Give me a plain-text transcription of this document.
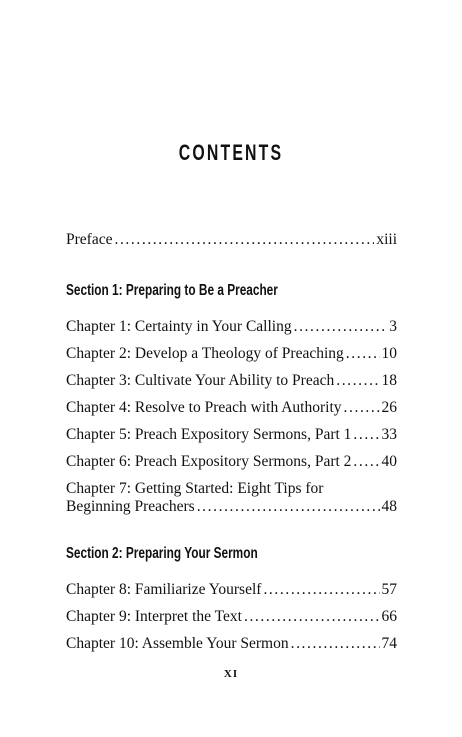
CONTENTS
Preface .....	xiii
Section 1: Preparing to Be a Preacher
Chapter 1: Certainty in Your Calling .....	3
Chapter 2: Develop a Theology of Preaching ..... 10
Chapter 3: Cultivate Your Ability to Preach .....	18
Chapter 4: Resolve to Preach with Authority .....	26
Chapter 5: Preach Expository Sermons, Part 1 ..... 33
Chapter 6: Preach Expository Sermons, Part 2 ..... 40
Chapter 7: Getting Started: Eight Tips for
Beginning Preachers .....	48
Section 2: Preparing Your Sermon
Chapter 8: Familiarize Yourself .....	57
Chapter 9: Interpret the Text .....	66
Chapter 10: Assemble Your Sermon .....	74
XI
